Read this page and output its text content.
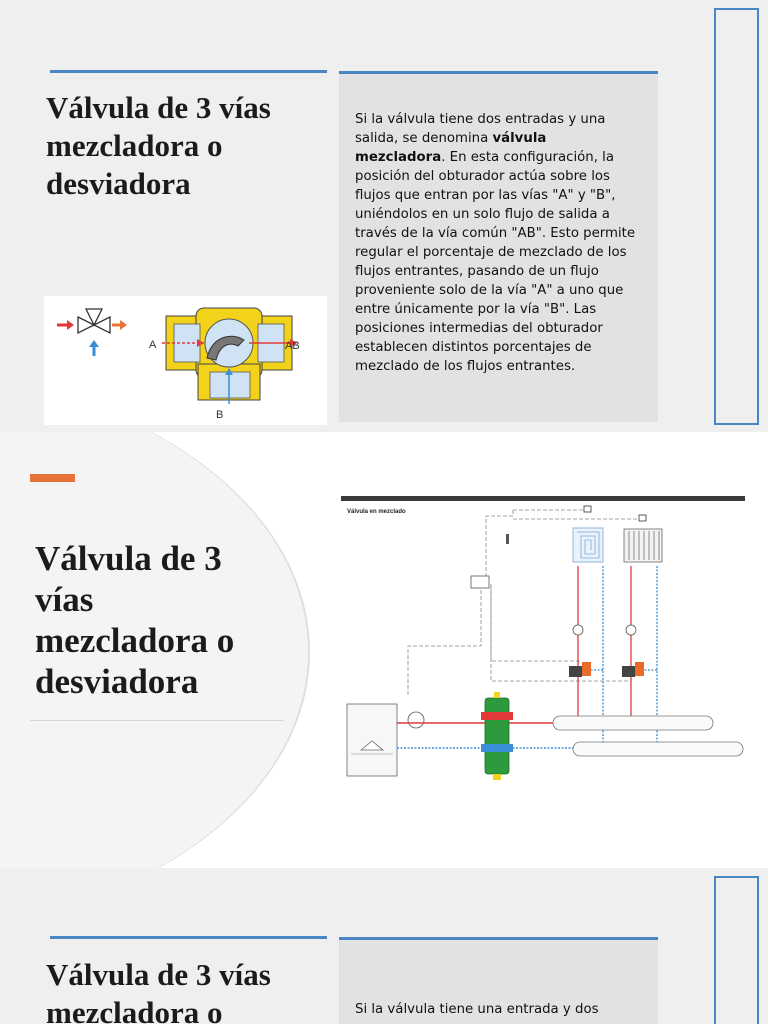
Válvula de 3 vías mezcladora o desviadora

Si la válvula tiene dos entradas y una salida, se denomina válvula mezcladora. En esta configuración, la posición del obturador actúa sobre los flujos que entran por las vías "A" y "B", uniéndolos en un solo flujo de salida a través de la vía común "AB". Esto permite regular el porcentaje de mezclado de los flujos entrantes, pasando de un flujo proveniente solo de la vía "A" a uno que entre únicamente por la vía "B". Las posiciones intermedias del obturador establecen distintos porcentajes de mezclado de los flujos entrantes.

A	AB
B
Válvula de 3 vías mezcladora o desviadora
Válvula en mezclado
Válvula de 3 vías mezcladora o	Si la válvula tiene una entrada y dos
